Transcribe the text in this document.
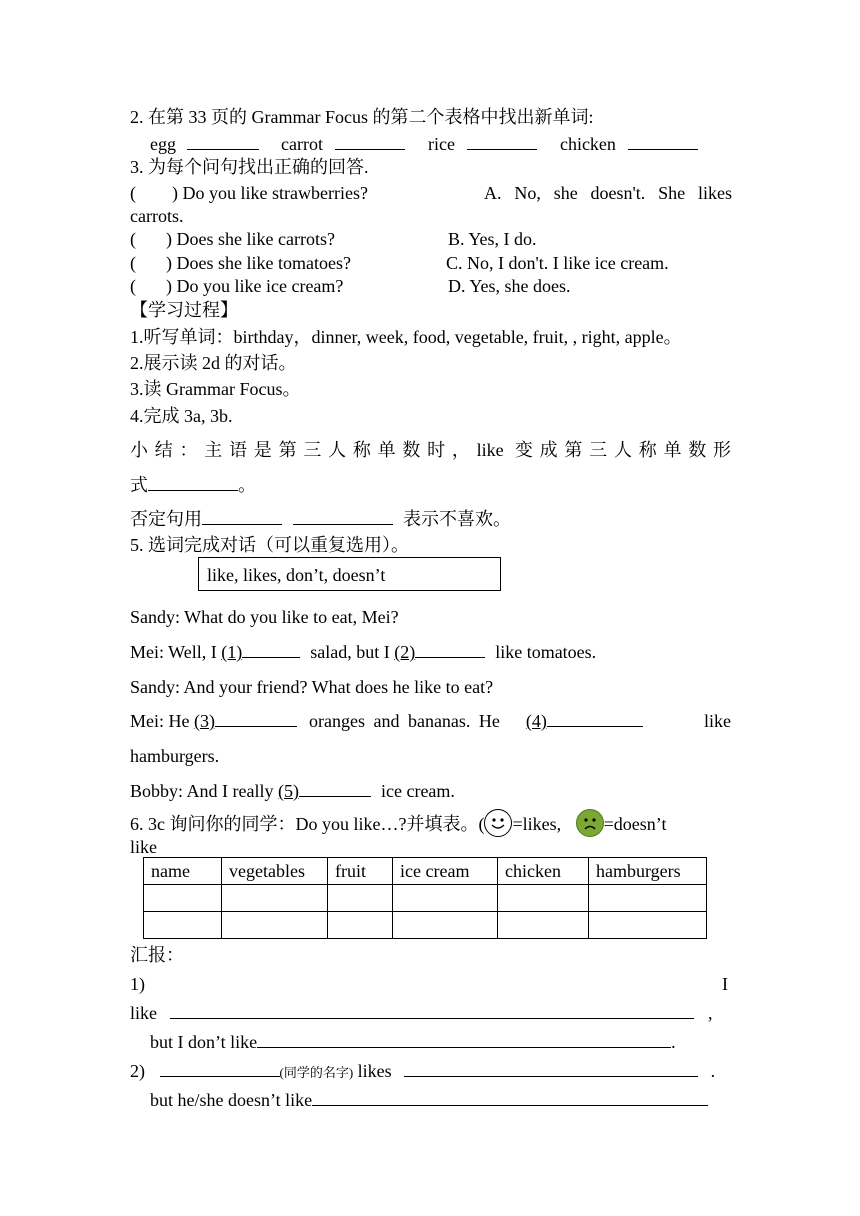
2. 在第 33 页的 Grammar Focus 的第二个表格中找出新单词:
egg	carrot	rice	chicken
3. 为每个问句找出正确的回答.
( ) Do you like strawberries?	A. No, she doesn't. She likes
carrots.
( ) Does she like carrots?	B. Yes, I do.
( ) Does she like tomatoes?	C. No, I don't. I like ice cream.
( ) Do you like ice cream?	D. Yes, she does.
【学习过程】
1.听写单词：birthday，dinner, week, food, vegetable, fruit, , right, apple。
2.展示读 2d 的对话。
3.读 Grammar Focus。
4.完成 3a, 3b.
小结：主语是第三人称单数时，like 变成第三人称单数形
式	。
否定句用	表示不喜欢。
5. 选词完成对话（可以重复选用）。
like, likes, don’t, doesn’t
Sandy: What do you like to eat, Mei?
Mei: Well, I (1)	salad, but I (2)	like tomatoes.
Sandy: And your friend? What does he like to eat?
Mei: He (3)	oranges and bananas. He (4)	like
hamburgers.
Bobby: And I really (5)	ice cream.
6. 3c 询问你的同学：Do you like…?并填表。( =likes, =doesn’t
like
name	vegetables	fruit	ice cream	chicken	hamburgers

汇报：
1)	I
like	,
but I don’t like	.
2)	(同学的名字) likes	.
but he/she doesn’t like
